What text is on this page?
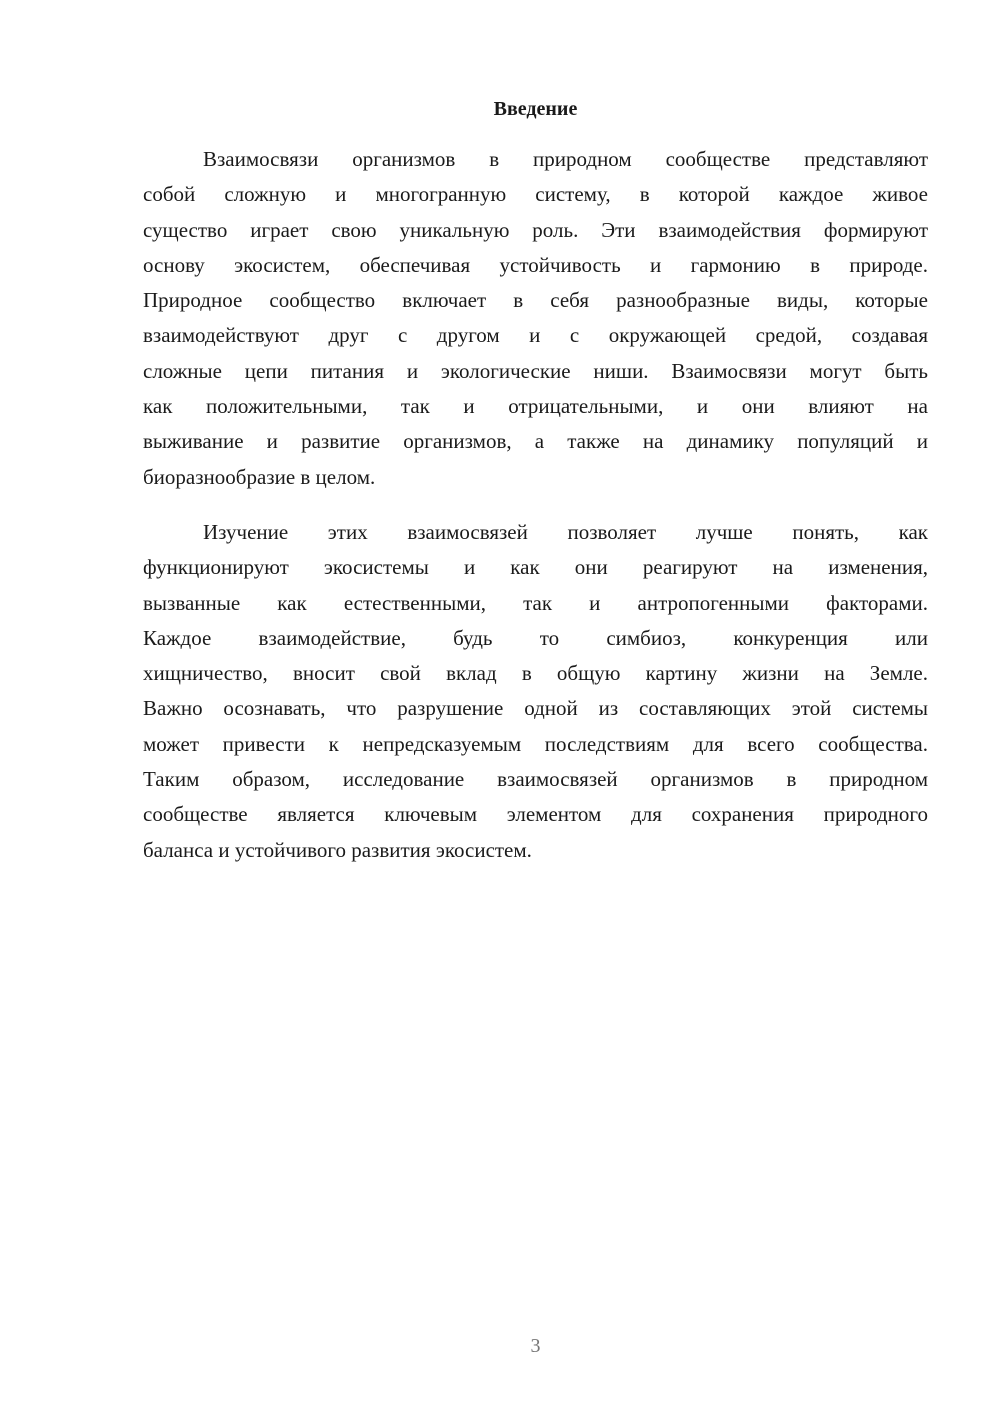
Введение
Взаимосвязи организмов в природном сообществе представляют
собой сложную и многогранную систему, в которой каждое живое
существо играет свою уникальную роль. Эти взаимодействия формируют
основу экосистем, обеспечивая устойчивость и гармонию в природе.
Природное сообщество включает в себя разнообразные виды, которые
взаимодействуют друг с другом и с окружающей средой, создавая
сложные цепи питания и экологические ниши. Взаимосвязи могут быть
как положительными, так и отрицательными, и они влияют на
выживание и развитие организмов, а также на динамику популяций и
биоразнообразие в целом.
Изучение этих взаимосвязей позволяет лучше понять, как
функционируют экосистемы и как они реагируют на изменения,
вызванные как естественными, так и антропогенными факторами.
Каждое взаимодействие, будь то симбиоз, конкуренция или
хищничество, вносит свой вклад в общую картину жизни на Земле.
Важно осознавать, что разрушение одной из составляющих этой системы
может привести к непредсказуемым последствиям для всего сообщества.
Таким образом, исследование взаимосвязей организмов в природном
сообществе является ключевым элементом для сохранения природного
баланса и устойчивого развития экосистем.
3
